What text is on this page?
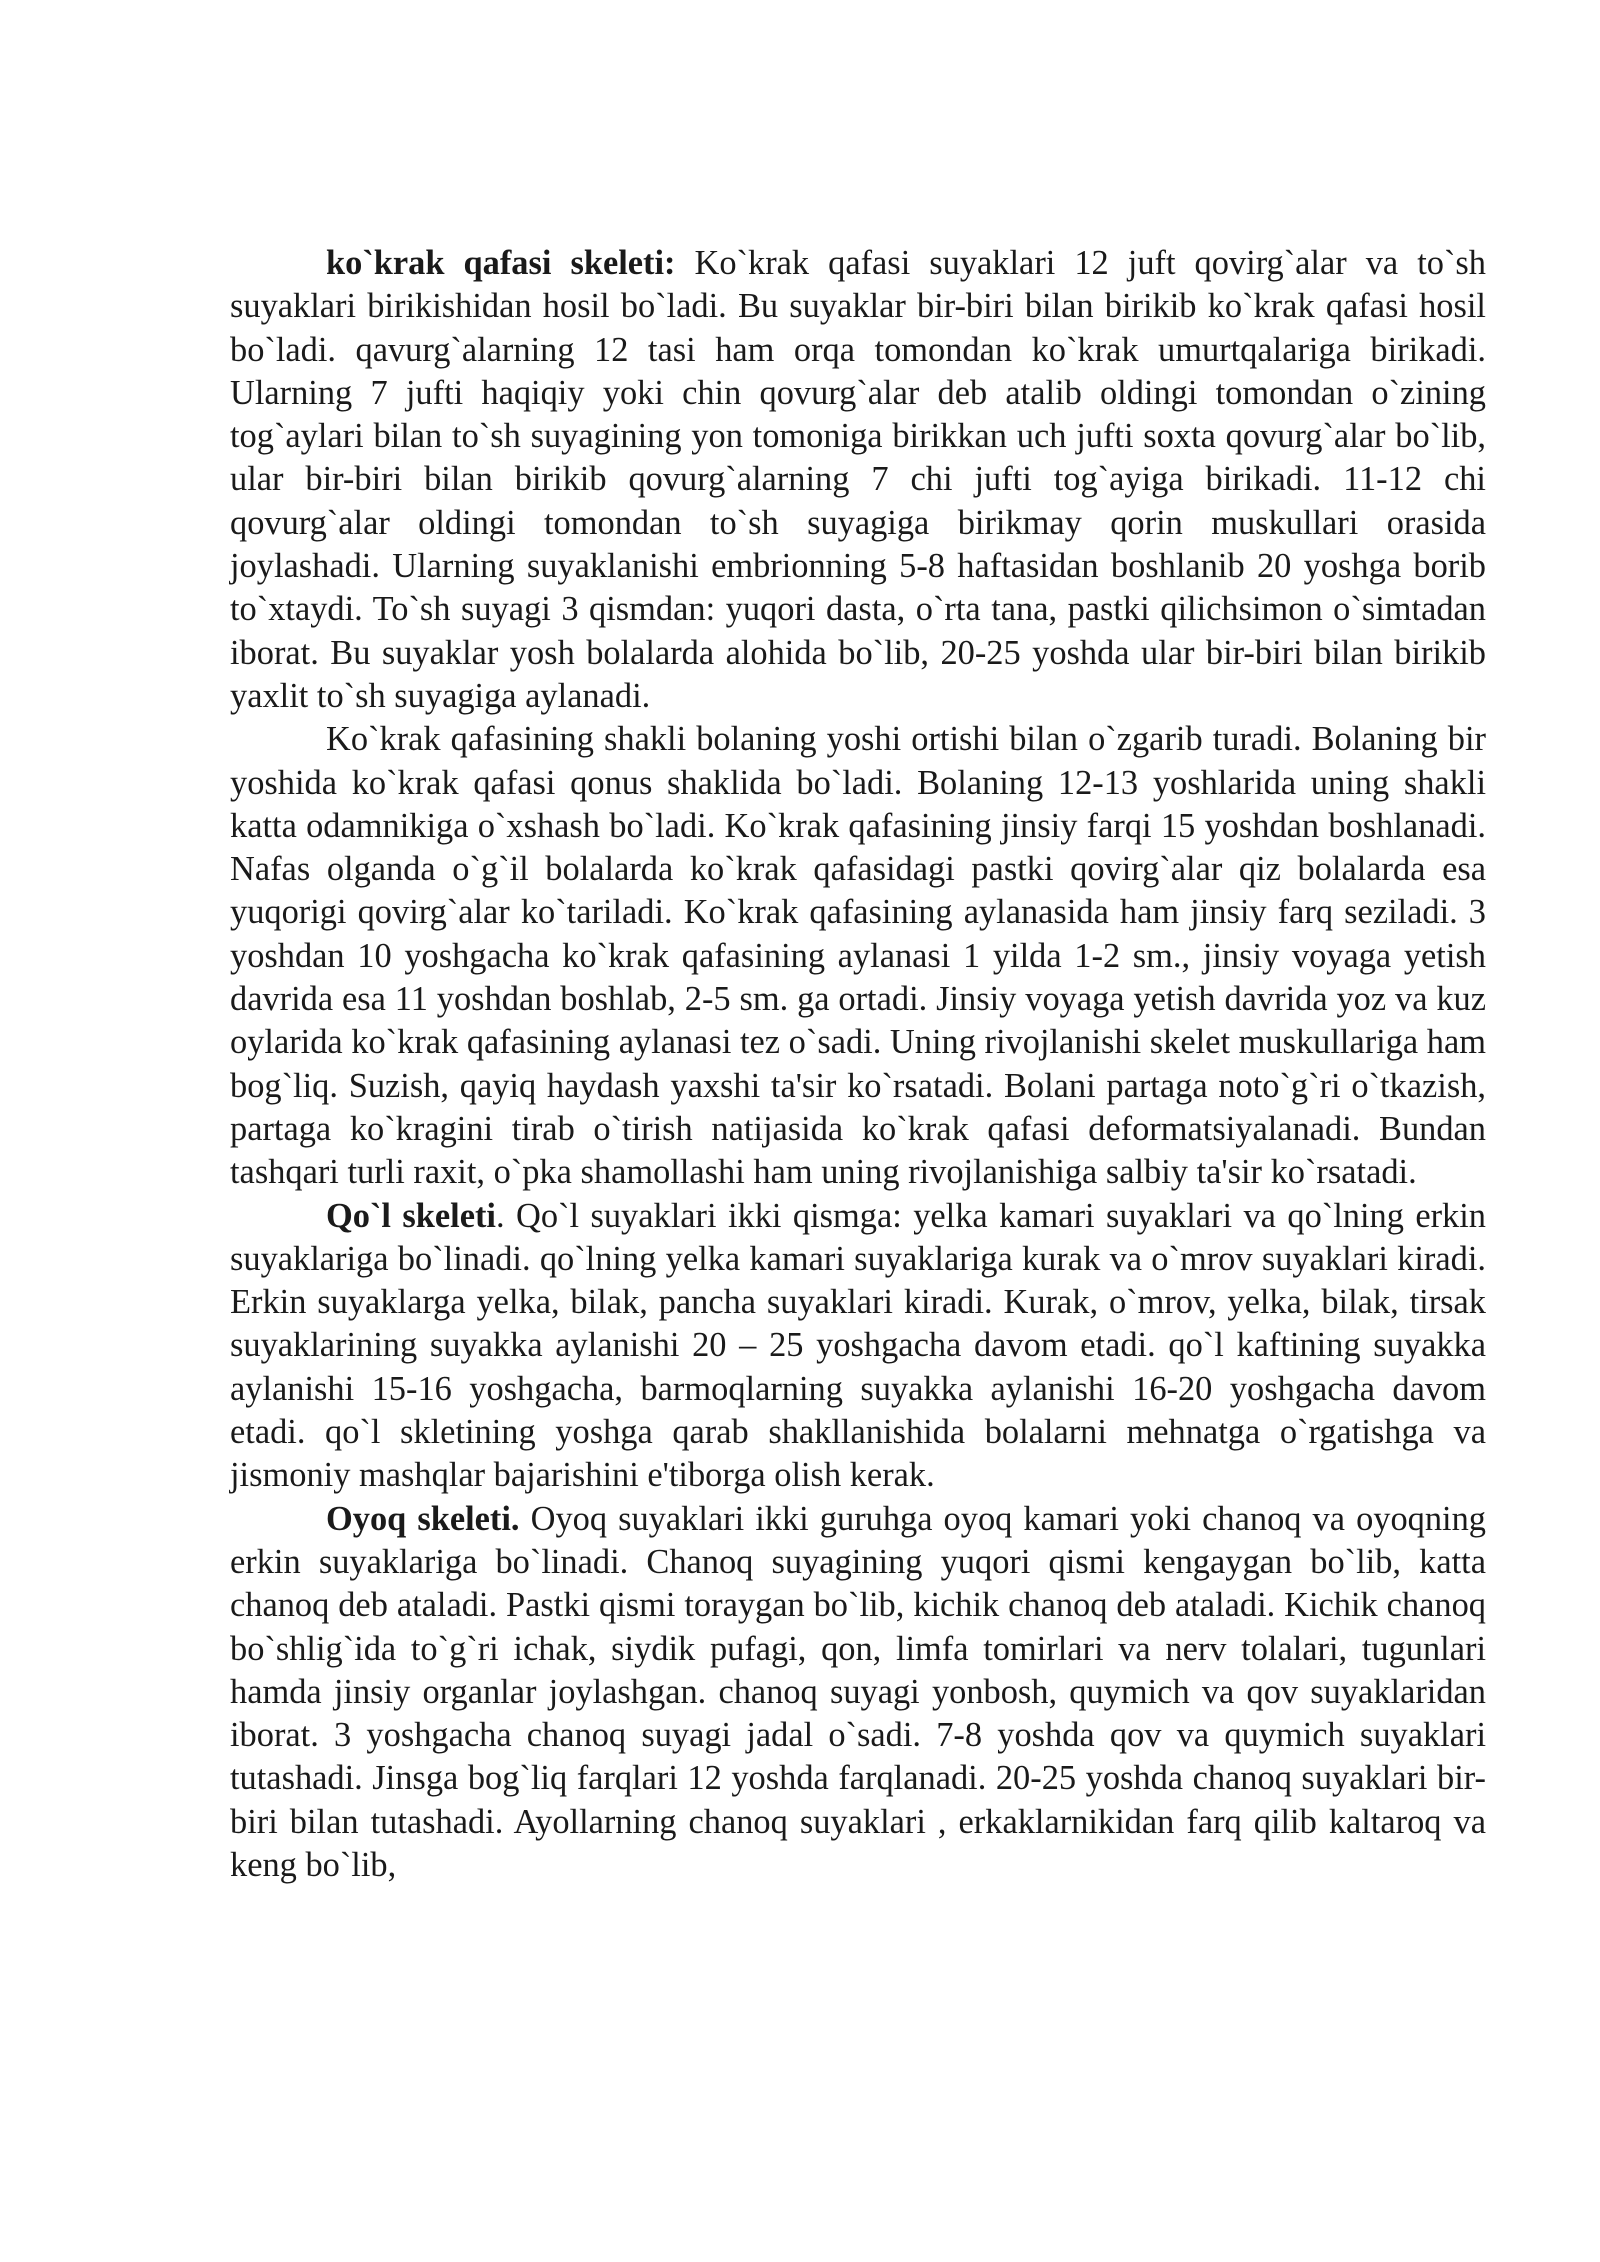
ko`krak qafasi skeleti: Ko`krak qafasi suyaklari 12 juft qovirg`alar va to`sh suyaklari birikishidan hosil bo`ladi. Bu suyaklar bir-biri bilan birikib ko`krak qafasi hosil bo`ladi. qavurg`alarning 12 tasi ham orqa tomondan ko`krak umurtqalariga birikadi. Ularning 7 jufti haqiqiy yoki chin qovurg`alar deb atalib oldingi tomondan o`zining tog`aylari bilan to`sh suyagining yon tomoniga birikkan uch jufti soxta qovurg`alar bo`lib, ular bir-biri bilan birikib qovurg`alarning 7 chi jufti tog`ayiga birikadi. 11-12 chi qovurg`alar oldingi tomondan to`sh suyagiga birikmay qorin muskullari orasida joylashadi. Ularning suyaklanishi embrionning 5-8 haftasidan boshlanib 20 yoshga borib to`xtaydi. To`sh suyagi 3 qismdan: yuqori dasta, o`rta tana, pastki qilichsimon o`simtadan iborat. Bu suyaklar yosh bolalarda alohida bo`lib, 20-25 yoshda ular bir-biri bilan birikib yaxlit to`sh suyagiga aylanadi.

Ko`krak qafasining shakli bolaning yoshi ortishi bilan o`zgarib turadi. Bolaning bir yoshida ko`krak qafasi qonus shaklida bo`ladi. Bolaning 12-13 yoshlarida uning shakli katta odamnikiga o`xshash bo`ladi. Ko`krak qafasining jinsiy farqi 15 yoshdan boshlanadi. Nafas olganda o`g`il bolalarda ko`krak qafasidagi pastki qovirg`alar qiz bolalarda esa yuqorigi qovirg`alar ko`tariladi. Ko`krak qafasining aylanasida ham jinsiy farq seziladi. 3 yoshdan 10 yoshgacha ko`krak qafasining aylanasi 1 yilda 1-2 sm., jinsiy voyaga yetish davrida esa 11 yoshdan boshlab, 2-5 sm. ga ortadi. Jinsiy voyaga yetish davrida yoz va kuz oylarida ko`krak qafasining aylanasi tez o`sadi. Uning rivojlanishi skelet muskullariga ham bog`liq. Suzish, qayiq haydash yaxshi ta'sir ko`rsatadi. Bolani partaga noto`g`ri o`tkazish, partaga ko`kragini tirab o`tirish natijasida ko`krak qafasi deformatsiyalanadi. Bundan tashqari turli raxit, o`pka shamollashi ham uning rivojlanishiga salbiy ta'sir ko`rsatadi.

Qo`l skeleti. Qo`l suyaklari ikki qismga: yelka kamari suyaklari va qo`lning erkin suyaklariga bo`linadi. qo`lning yelka kamari suyaklariga kurak va o`mrov suyaklari kiradi. Erkin suyaklarga yelka, bilak, pancha suyaklari kiradi. Kurak, o`mrov, yelka, bilak, tirsak suyaklarining suyakka aylanishi 20 – 25 yoshgacha davom etadi. qo`l kaftining suyakka aylanishi 15-16 yoshgacha, barmoqlarning suyakka aylanishi 16-20 yoshgacha davom etadi. qo`l skletining yoshga qarab shakllanishida bolalarni mehnatga o`rgatishga va jismoniy mashqlar bajarishini e'tiborga olish kerak.

Oyoq skeleti. Oyoq suyaklari ikki guruhga oyoq kamari yoki chanoq va oyoqning erkin suyaklariga bo`linadi. Chanoq suyagining yuqori qismi kengaygan bo`lib, katta chanoq deb ataladi. Pastki qismi toraygan bo`lib, kichik chanoq deb ataladi. Kichik chanoq bo`shlig`ida to`g`ri ichak, siydik pufagi, qon, limfa tomirlari va nerv tolalari, tugunlari hamda jinsiy organlar joylashgan. chanoq suyagi yonbosh, quymich va qov suyaklaridan iborat. 3 yoshgacha chanoq suyagi jadal o`sadi. 7-8 yoshda qov va quymich suyaklari tutashadi. Jinsga bog`liq farqlari 12 yoshda farqlanadi. 20-25 yoshda chanoq suyaklari bir-biri bilan tutashadi. Ayollarning chanoq suyaklari , erkaklarnikidan farq qilib kaltaroq va keng bo`lib,
